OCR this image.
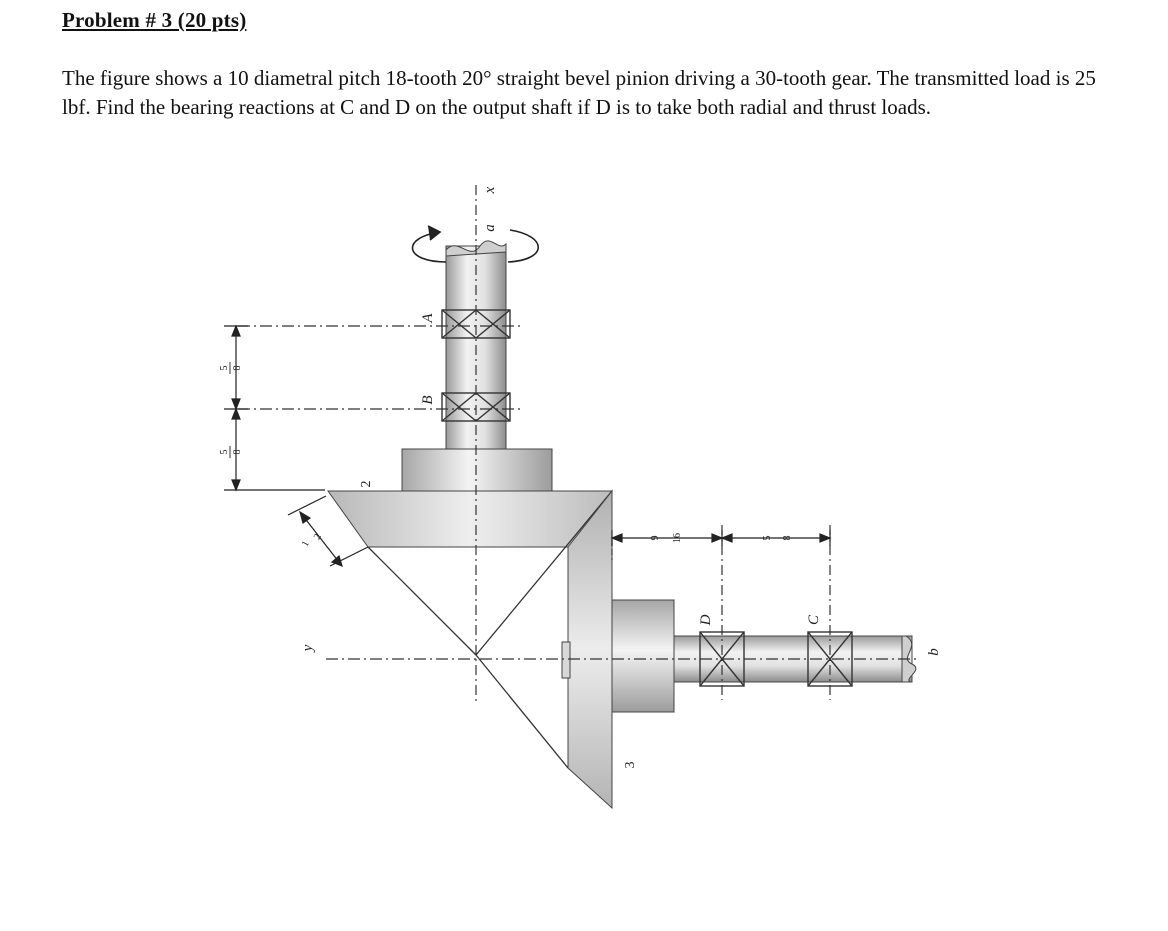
Problem # 3 (20 pts)
The figure shows a 10 diametral pitch 18-tooth 20° straight bevel pinion driving a 30-tooth gear. The transmitted load is 25 lbf. Find the bearing reactions at C and D on the output shaft if D is to take both radial and thrust loads.
5 8
5 8
1
2	9 16	5 8
x
a
A
B
2
y
3
D	C
b
